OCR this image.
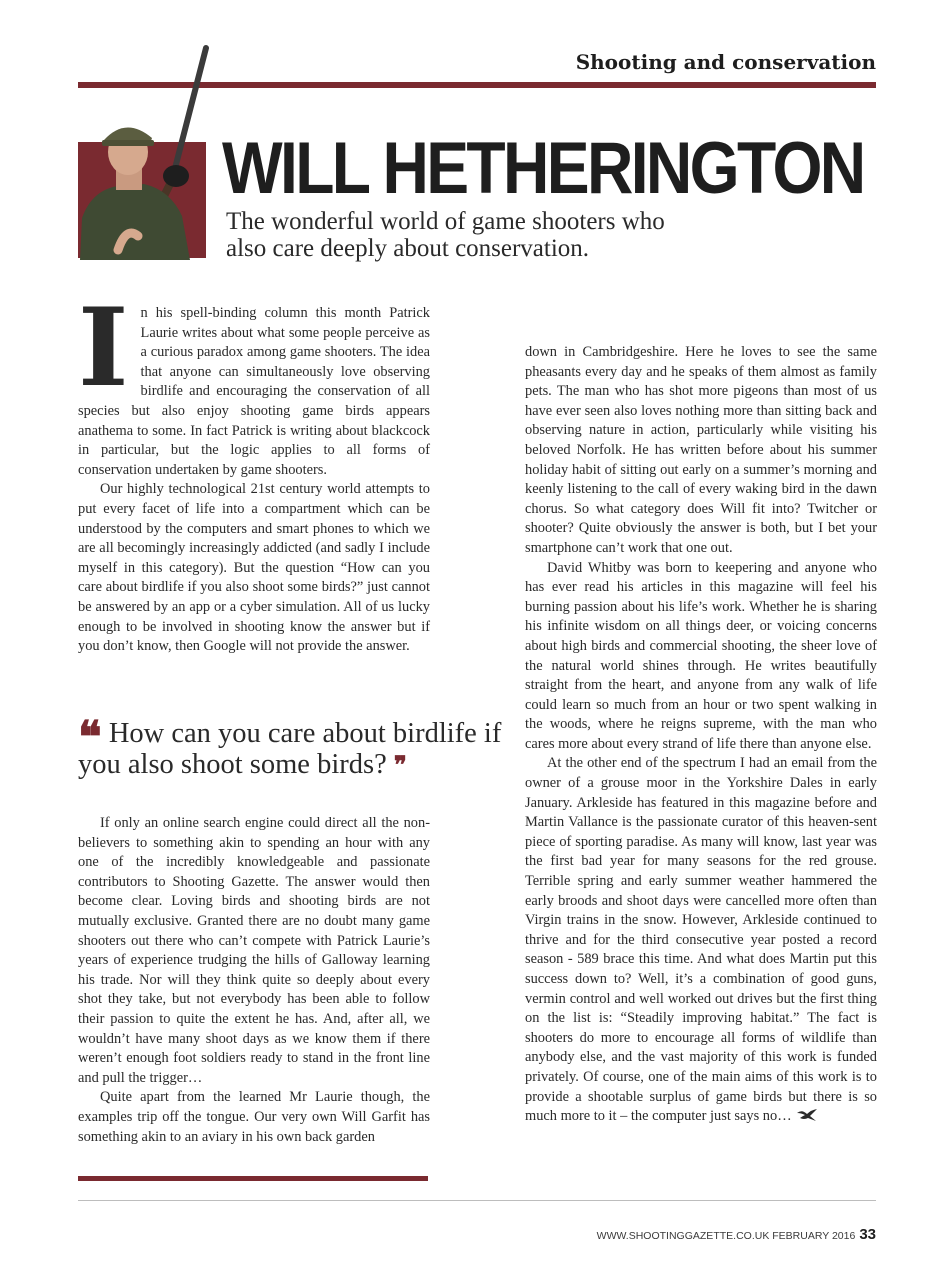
Shooting and conservation
WILL HETHERINGTON
The wonderful world of game shooters who also care deeply about conservation.
I n his spell-binding column this month Patrick Laurie writes about what some people perceive as a curious paradox among game shooters. The idea that anyone can simultaneously love observing birdlife and encouraging the conservation of all species but also enjoy shooting game birds appears anathema to some. In fact Patrick is writing about blackcock in particular, but the logic applies to all forms of conservation undertaken by game shooters.

Our highly technological 21st century world attempts to put every facet of life into a compartment which can be understood by the computers and smart phones to which we are all becomingly increasingly addicted (and sadly I include myself in this category). But the question “How can you care about birdlife if you also shoot some birds?” just cannot be answered by an app or a cyber simulation. All of us lucky enough to be involved in shooting know the answer but if you don’t know, then Google will not provide the answer.

❝ How can you care about birdlife if you also shoot some birds? ❞

If only an online search engine could direct all the non-believers to something akin to spending an hour with any one of the incredibly knowledgeable and passionate contributors to Shooting Gazette. The answer would then become clear. Loving birds and shooting birds are not mutually exclusive. Granted there are no doubt many game shooters out there who can’t compete with Patrick Laurie’s years of experience trudging the hills of Galloway learning his trade. Nor will they think quite so deeply about every shot they take, but not everybody has been able to follow their passion to quite the extent he has. And, after all, we wouldn’t have many shoot days as we know them if there weren’t enough foot soldiers ready to stand in the front line and pull the trigger…

Quite apart from the learned Mr Laurie though, the examples trip off the tongue. Our very own Will Garfit has something akin to an aviary in his own back garden

down in Cambridgeshire. Here he loves to see the same pheasants every day and he speaks of them almost as family pets. The man who has shot more pigeons than most of us have ever seen also loves nothing more than sitting back and observing nature in action, particularly while visiting his beloved Norfolk. He has written before about his summer holiday habit of sitting out early on a summer’s morning and keenly listening to the call of every waking bird in the dawn chorus. So what category does Will fit into? Twitcher or shooter? Quite obviously the answer is both, but I bet your smartphone can’t work that one out.

David Whitby was born to keepering and anyone who has ever read his articles in this magazine will feel his burning passion about his life’s work. Whether he is sharing his infinite wisdom on all things deer, or voicing concerns about high birds and commercial shooting, the sheer love of the natural world shines through. He writes beautifully straight from the heart, and anyone from any walk of life could learn so much from an hour or two spent walking in the woods, where he reigns supreme, with the man who cares more about every strand of life there than anyone else.

At the other end of the spectrum I had an email from the owner of a grouse moor in the Yorkshire Dales in early January. Arkleside has featured in this magazine before and Martin Vallance is the passionate curator of this heaven-sent piece of sporting paradise. As many will know, last year was the first bad year for many seasons for the red grouse. Terrible spring and early summer weather hammered the early broods and shoot days were cancelled more often than Virgin trains in the snow. However, Arkleside continued to thrive and for the third consecutive year posted a record season - 589 brace this time. And what does Martin put this success down to? Well, it’s a combination of good guns, vermin control and well worked out drives but the first thing on the list is: “Steadily improving habitat.” The fact is shooters do more to encourage all forms of wildlife than anybody else, and the vast majority of this work is funded privately. Of course, one of the main aims of this work is to provide a shootable surplus of game birds but there is so much more to it – the computer just says no…

WWW.SHOOTINGGAZETTE.CO.UK FEBRUARY 2016 33
